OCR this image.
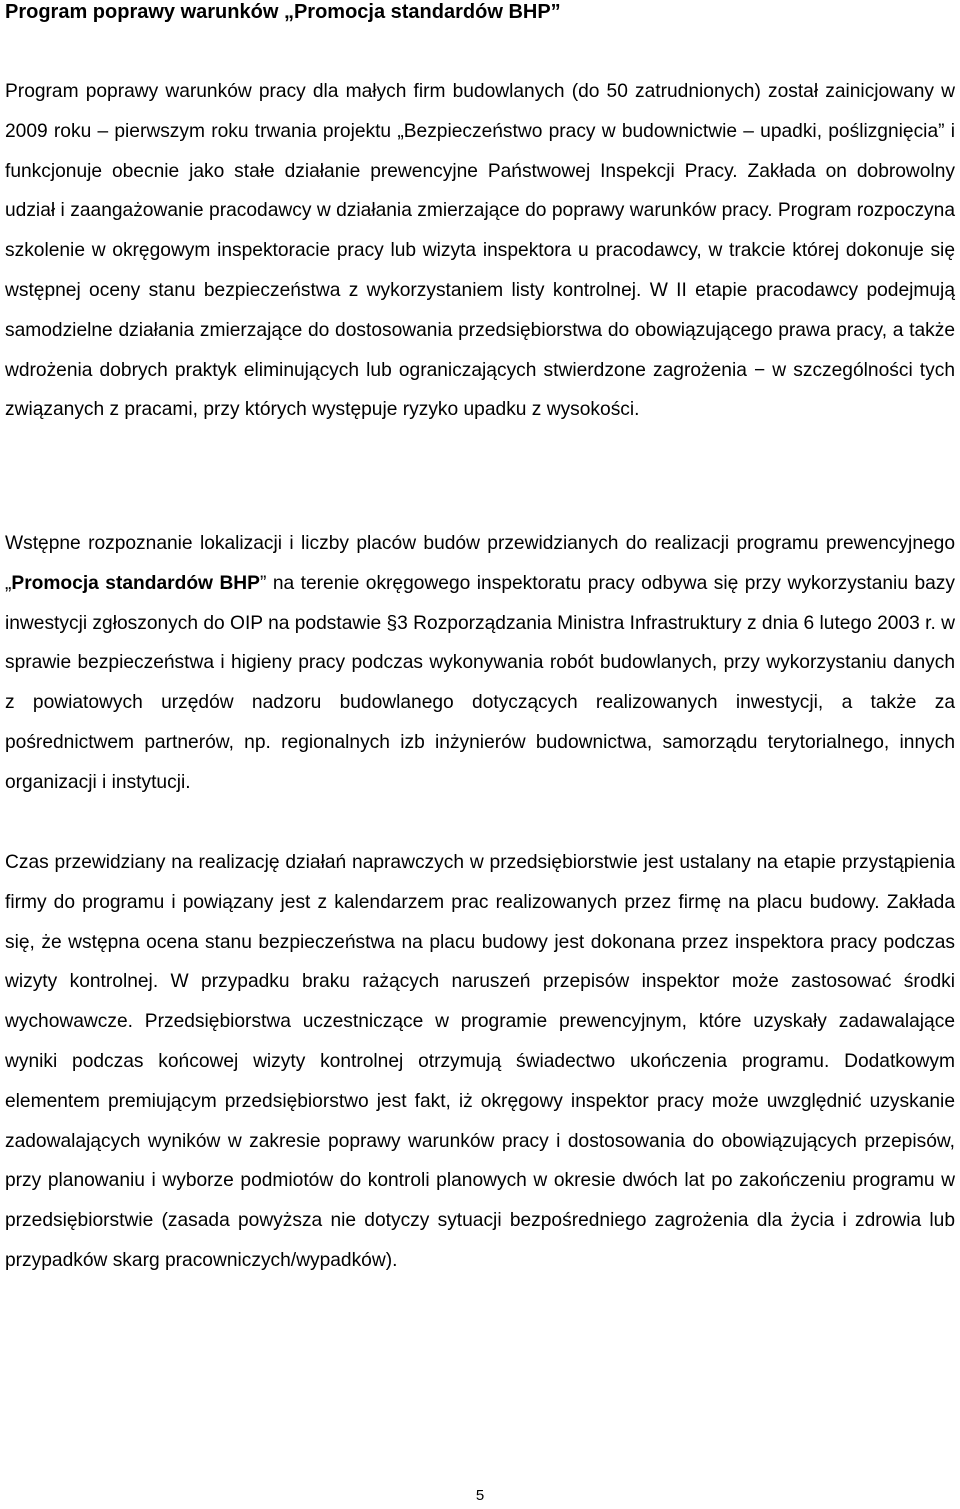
Program poprawy warunków „Promocja standardów BHP”

Program poprawy warunków pracy dla małych firm budowlanych (do 50 zatrudnionych) został zainicjowany w 2009 roku – pierwszym roku trwania projektu „Bezpieczeństwo pracy w budownictwie – upadki, poślizgnięcia” i funkcjonuje obecnie jako stałe działanie prewencyjne Państwowej Inspekcji Pracy. Zakłada on dobrowolny udział i zaangażowanie pracodawcy w działania zmierzające do poprawy warunków pracy. Program rozpoczyna szkolenie w okręgowym inspektoracie pracy lub wizyta inspektora u pracodawcy, w trakcie której dokonuje się wstępnej oceny stanu bezpieczeństwa z wykorzystaniem listy kontrolnej. W II etapie pracodawcy podejmują samodzielne działania zmierzające do dostosowania przedsiębiorstwa do obowiązującego prawa pracy, a także wdrożenia dobrych praktyk eliminujących lub ograniczających stwierdzone zagrożenia − w szczególności tych związanych z pracami, przy których występuje ryzyko upadku z wysokości.

Wstępne rozpoznanie lokalizacji i liczby placów budów przewidzianych do realizacji programu prewencyjnego „Promocja standardów BHP” na terenie okręgowego inspektoratu pracy odbywa się przy wykorzystaniu bazy inwestycji zgłoszonych do OIP na podstawie §3 Rozporządzania Ministra Infrastruktury z dnia 6 lutego 2003 r. w sprawie bezpieczeństwa i higieny pracy podczas wykonywania robót budowlanych, przy wykorzystaniu danych z powiatowych urzędów nadzoru budowlanego dotyczących realizowanych inwestycji, a także za pośrednictwem partnerów, np. regionalnych izb inżynierów budownictwa, samorządu terytorialnego, innych organizacji i instytucji.

Czas przewidziany na realizację działań naprawczych w przedsiębiorstwie jest ustalany na etapie przystąpienia firmy do programu i powiązany jest z kalendarzem prac realizowanych przez firmę na placu budowy. Zakłada się, że wstępna ocena stanu bezpieczeństwa na placu budowy jest dokonana przez inspektora pracy podczas wizyty kontrolnej. W przypadku braku rażących naruszeń przepisów inspektor może zastosować środki wychowawcze. Przedsiębiorstwa uczestniczące w programie prewencyjnym, które uzyskały zadawalające wyniki podczas końcowej wizyty kontrolnej otrzymują świadectwo ukończenia programu. Dodatkowym elementem premiującym przedsiębiorstwo jest fakt, iż okręgowy inspektor pracy może uwzględnić uzyskanie zadowalających wyników w zakresie poprawy warunków pracy i dostosowania do obowiązujących przepisów, przy planowaniu i wyborze podmiotów do kontroli planowych w okresie dwóch lat po zakończeniu programu w przedsiębiorstwie (zasada powyższa nie dotyczy sytuacji bezpośredniego zagrożenia dla życia i zdrowia lub przypadków skarg pracowniczych/wypadków).

5
